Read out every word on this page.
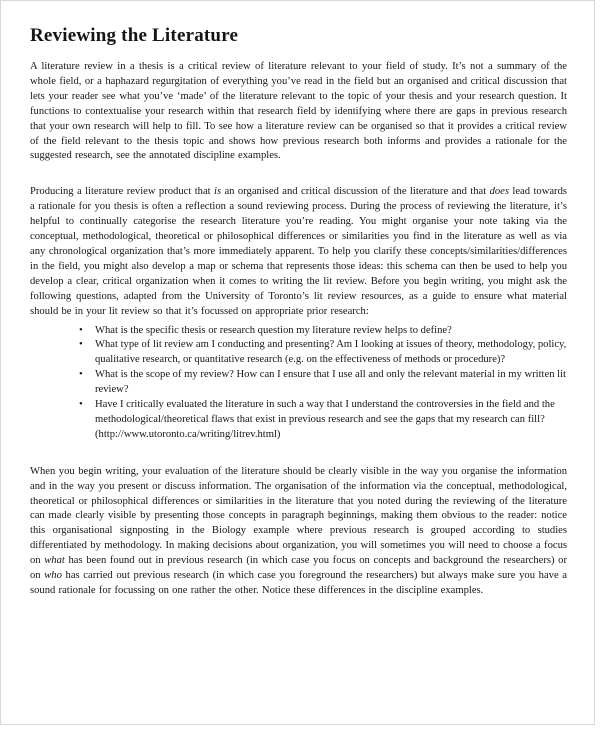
Reviewing the Literature

A literature review in a thesis is a critical review of literature relevant to your field of study. It’s not a summary of the whole field, or a haphazard regurgitation of everything you’ve read in the field but an organised and critical discussion that lets your reader see what you’ve ‘made’ of the literature relevant to the topic of your thesis and your research question. It functions to contextualise your research within that research field by identifying where there are gaps in previous research that your own research will help to fill. To see how a literature review can be organised so that it provides a critical review of the field relevant to the thesis topic and shows how previous research both informs and provides a rationale for the suggested research, see the annotated discipline examples.

Producing a literature review product that is an organised and critical discussion of the literature and that does lead towards a rationale for you thesis is often a reflection a sound reviewing process. During the process of reviewing the literature, it’s helpful to continually categorise the research literature you’re reading. You might organise your note taking via the conceptual, methodological, theoretical or philosophical differences or similarities you find in the literature as well as via any chronological organization that’s more immediately apparent. To help you clarify these concepts/similarities/differences in the field, you might also develop a map or schema that represents those ideas: this schema can then be used to help you develop a clear, critical organization when it comes to writing the lit review. Before you begin writing, you might ask the following questions, adapted from the University of Toronto’s lit review resources, as a guide to ensure what material should be in your lit review so that it’s focussed on appropriate prior research:

• What is the specific thesis or research question my literature review helps to define?
• What type of lit review am I conducting and presenting? Am I looking at issues of theory, methodology, policy, qualitative research, or quantitative research (e.g. on the effectiveness of methods or procedure)?
• What is the scope of my review? How can I ensure that I use all and only the relevant material in my written lit review?
• Have I critically evaluated the literature in such a way that I understand the controversies in the field and the methodological/theoretical flaws that exist in previous research and see the gaps that my research can fill? (http://www.utoronto.ca/writing/litrev.html)

When you begin writing, your evaluation of the literature should be clearly visible in the way you organise the information and in the way you present or discuss information. The organisation of the information via the conceptual, methodological, theoretical or philosophical differences or similarities in the literature that you noted during the reviewing of the literature can made clearly visible by presenting those concepts in paragraph beginnings, making them obvious to the reader: notice this organisational signposting in the Biology example where previous research is grouped according to studies differentiated by methodology. In making decisions about organization, you will sometimes you will need to choose a focus on what has been found out in previous research (in which case you focus on concepts and background the researchers) or on who has carried out previous research (in which case you foreground the researchers) but always make sure you have a sound rationale for focussing on one rather the other. Notice these differences in the discipline examples.
